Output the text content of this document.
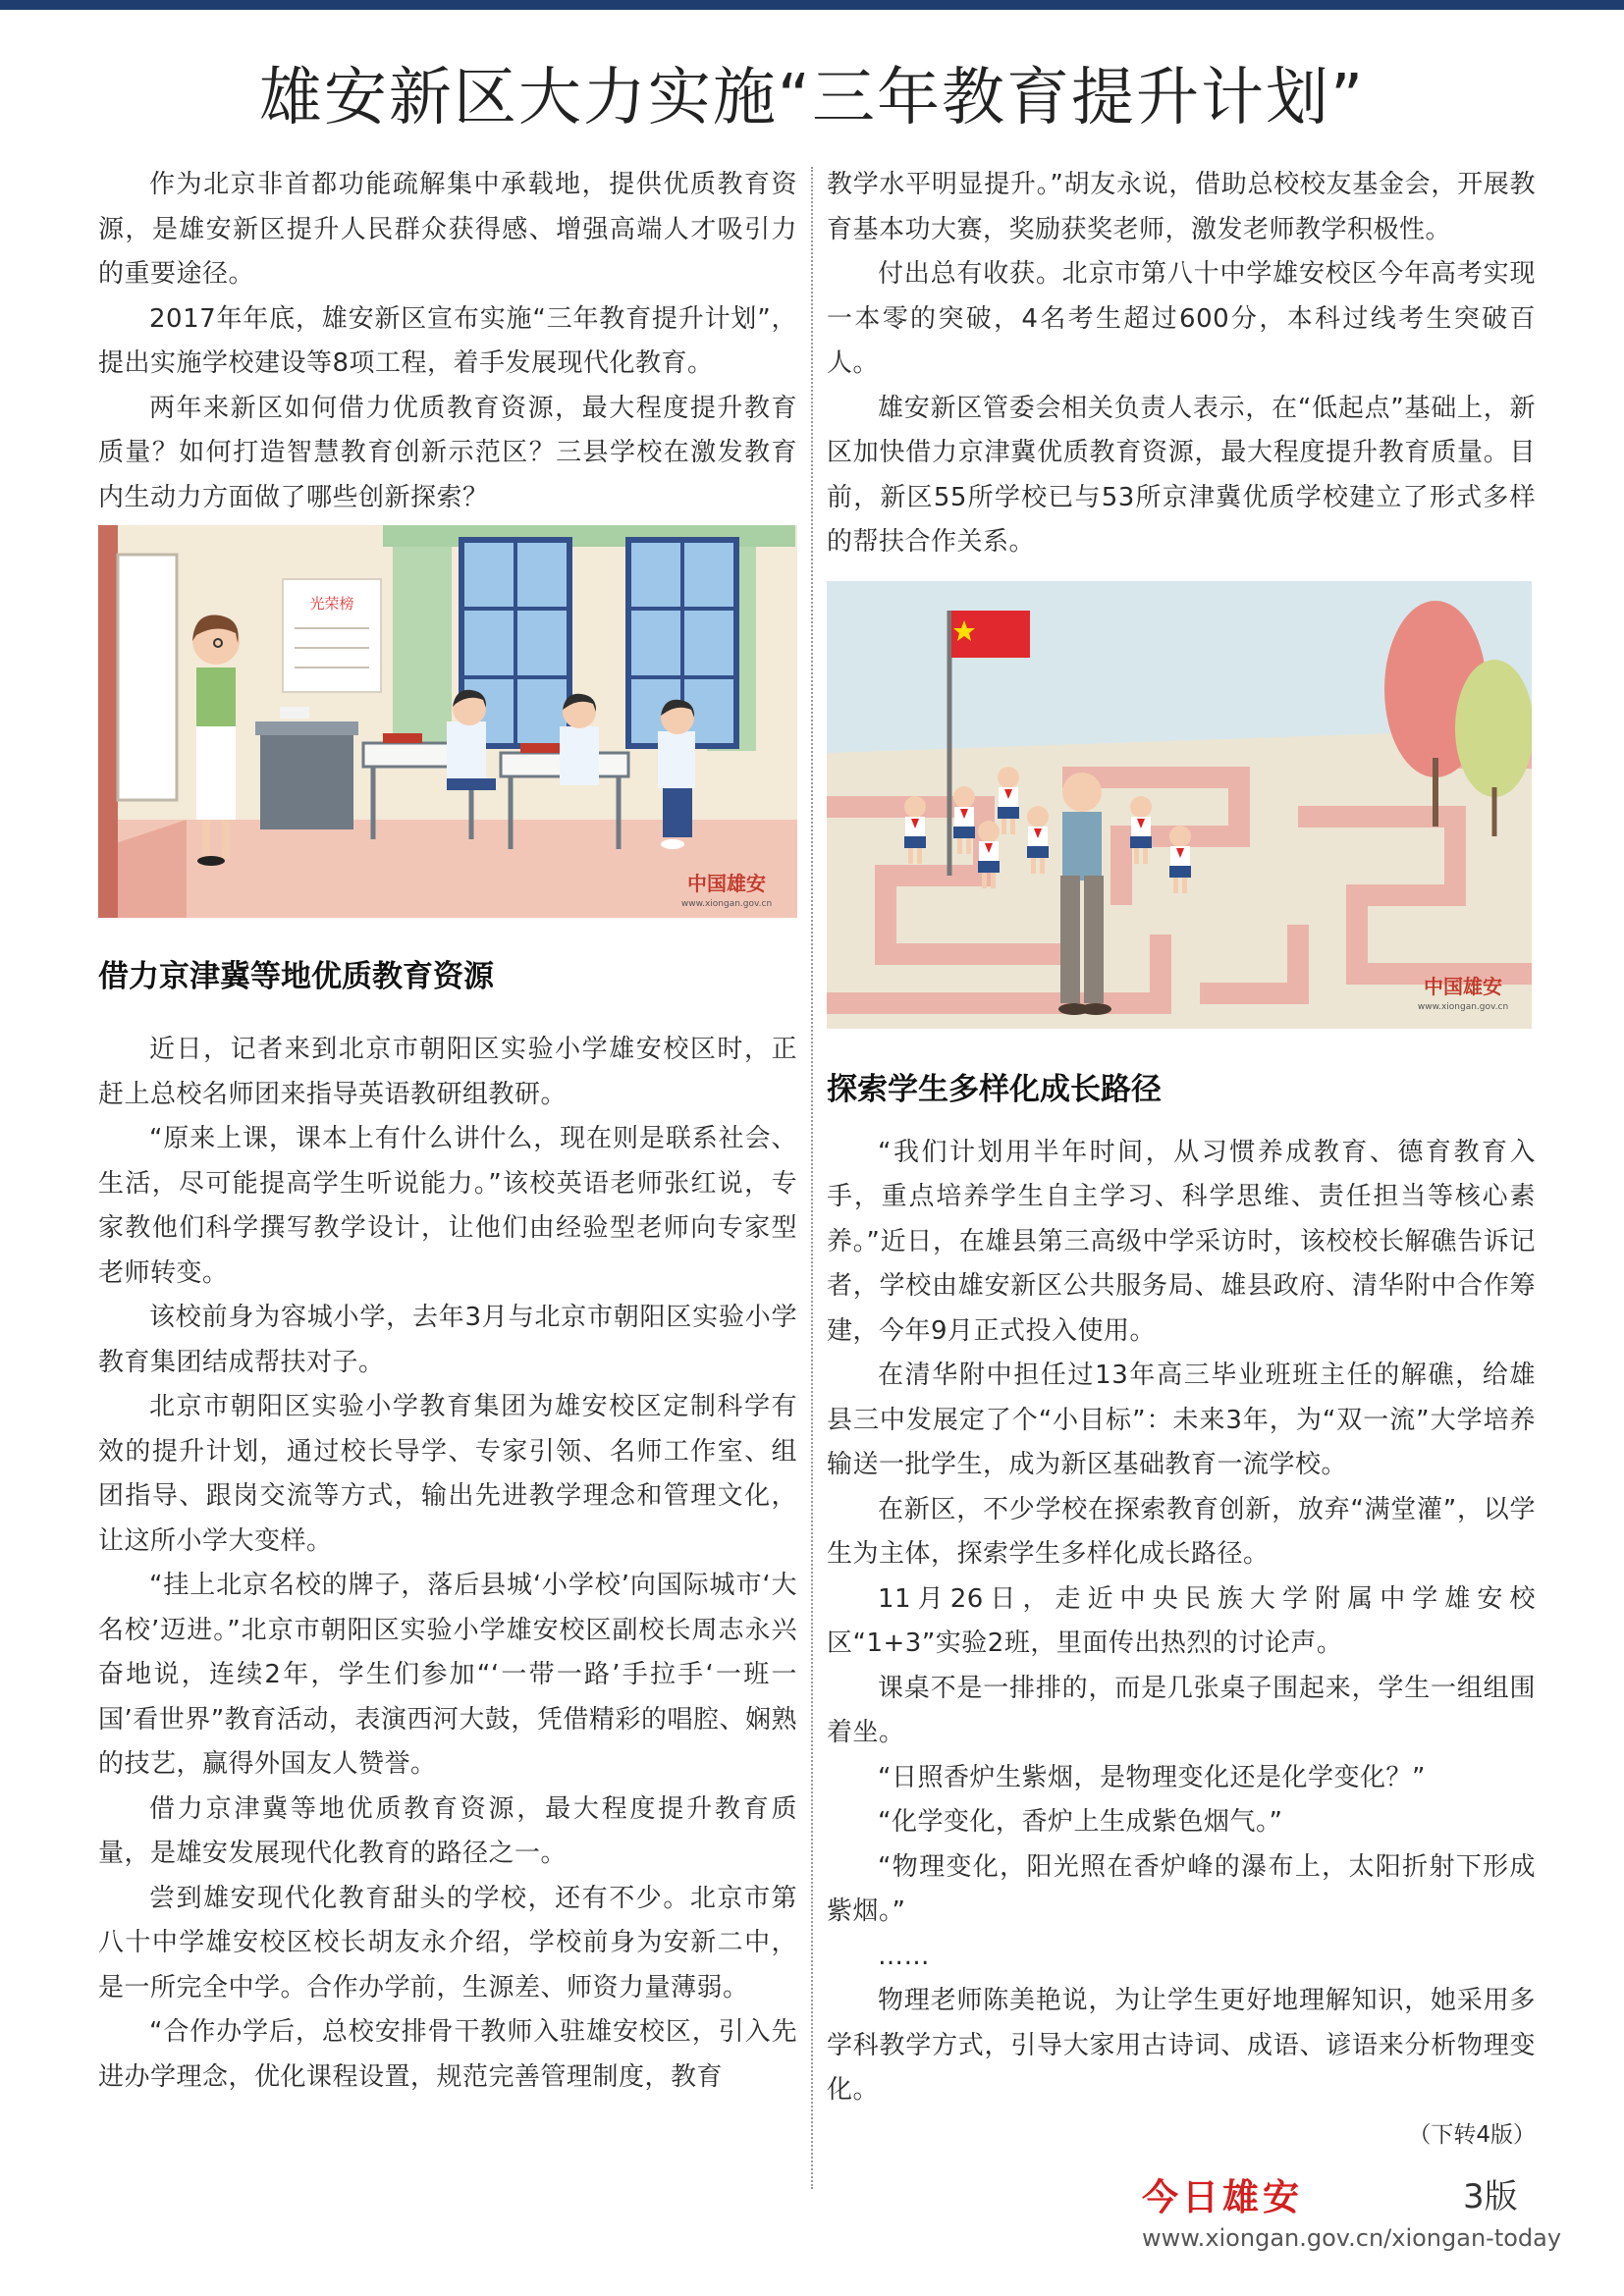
雄安新区大力实施“三年教育提升计划”

作为北京非首都功能疏解集中承载地，提供优质教育资源，是雄安新区提升人民群众获得感、增强高端人才吸引力的重要途径。

2017年年底，雄安新区宣布实施“三年教育提升计划”，提出实施学校建设等8项工程，着手发展现代化教育。

两年来新区如何借力优质教育资源，最大程度提升教育质量？如何打造智慧教育创新示范区？三县学校在激发教育内生动力方面做了哪些创新探索？

光荣榜
中国雄安
www.xiongan.gov.cn
借力京津冀等地优质教育资源

近日，记者来到北京市朝阳区实验小学雄安校区时，正赶上总校名师团来指导英语教研组教研。

“原来上课，课本上有什么讲什么，现在则是联系社会、生活，尽可能提高学生听说能力。”该校英语老师张红说，专家教他们科学撰写教学设计，让他们由经验型老师向专家型老师转变。

该校前身为容城小学，去年3月与北京市朝阳区实验小学教育集团结成帮扶对子。

北京市朝阳区实验小学教育集团为雄安校区定制科学有效的提升计划，通过校长导学、专家引领、名师工作室、组团指导、跟岗交流等方式，输出先进教学理念和管理文化，让这所小学大变样。

“挂上北京名校的牌子，落后县城‘小学校’向国际城市‘大名校’迈进。”北京市朝阳区实验小学雄安校区副校长周志永兴奋地说，连续2年，学生们参加“‘一带一路’手拉手‘一班一国’看世界”教育活动，表演西河大鼓，凭借精彩的唱腔、娴熟的技艺，赢得外国友人赞誉。

借力京津冀等地优质教育资源，最大程度提升教育质量，是雄安发展现代化教育的路径之一。

尝到雄安现代化教育甜头的学校，还有不少。北京市第八十中学雄安校区校长胡友永介绍，学校前身为安新二中，是一所完全中学。合作办学前，生源差、师资力量薄弱。

“合作办学后，总校安排骨干教师入驻雄安校区，引入先进办学理念，优化课程设置，规范完善管理制度，教育

教学水平明显提升。”胡友永说，借助总校校友基金会，开展教育基本功大赛，奖励获奖老师，激发老师教学积极性。

付出总有收获。北京市第八十中学雄安校区今年高考实现一本零的突破，4名考生超过600分，本科过线考生突破百人。

雄安新区管委会相关负责人表示，在“低起点”基础上，新区加快借力京津冀优质教育资源，最大程度提升教育质量。目前，新区55所学校已与53所京津冀优质学校建立了形式多样的帮扶合作关系。

中国雄安
www.xiongan.gov.cn
探索学生多样化成长路径

“我们计划用半年时间，从习惯养成教育、德育教育入手，重点培养学生自主学习、科学思维、责任担当等核心素养。”近日，在雄县第三高级中学采访时，该校校长解礁告诉记者，学校由雄安新区公共服务局、雄县政府、清华附中合作筹建，今年9月正式投入使用。

在清华附中担任过13年高三毕业班班主任的解礁，给雄县三中发展定了个“小目标”：未来3年，为“双一流”大学培养输送一批学生，成为新区基础教育一流学校。

在新区，不少学校在探索教育创新，放弃“满堂灌”，以学生为主体，探索学生多样化成长路径。

11月26日，走近中央民族大学附属中学雄安校区“1+3”实验2班，里面传出热烈的讨论声。

课桌不是一排排的，而是几张桌子围起来，学生一组组围着坐。

“日照香炉生紫烟，是物理变化还是化学变化？”

“化学变化，香炉上生成紫色烟气。”

“物理变化，阳光照在香炉峰的瀑布上，太阳折射下形成紫烟。”

……

物理老师陈美艳说，为让学生更好地理解知识，她采用多学科教学方式，引导大家用古诗词、成语、谚语来分析物理变化。

（下转4版）
今日雄安	3版
www.xiongan.gov.cn/xiongan-today
